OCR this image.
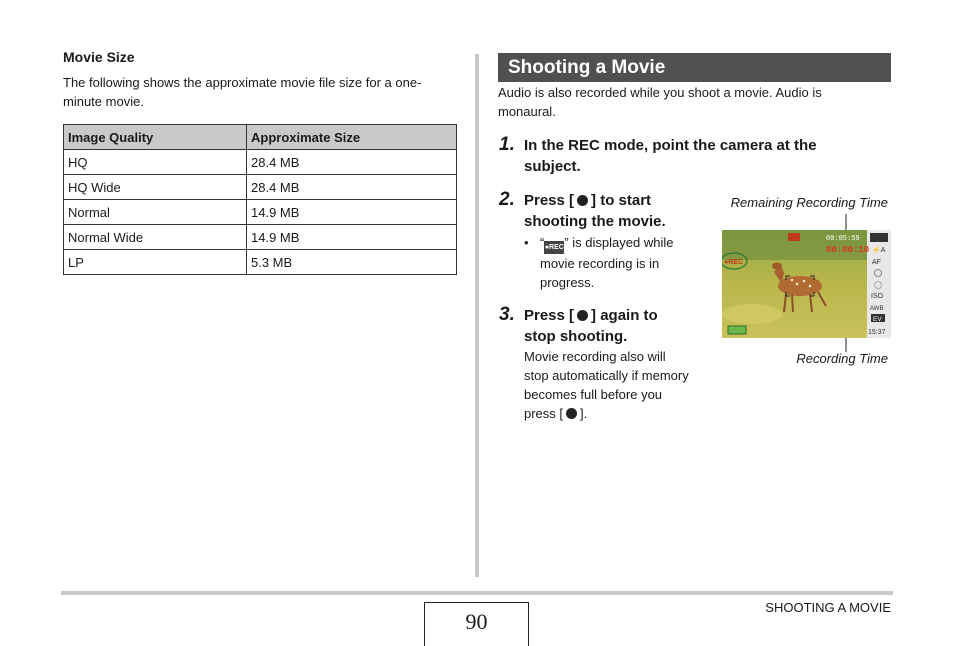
Movie Size
The following shows the approximate movie file size for a one-
minute movie.
Image Quality	Approximate Size
HQ	28.4 MB
HQ Wide	28.4 MB
Normal	14.9 MB
Normal Wide	14.9 MB
LP	5.3 MB
Shooting a Movie
Audio is also recorded while you shoot a movie. Audio is
monaural.
1. In the REC mode, point the camera at the
subject.
2. Press [ ] to start
shooting the movie.
• “●REC” is displayed while
movie recording is in
progress.
3. Press [ ] again to
stop shooting.
Movie recording also will
stop automatically if memory
becomes full before you
press [ ].
Remaining Recording Time
Recording Time
⚡A
AF
ISO
AWB
EV
15:37
00:05:59
00:00:10
●REC
90
SHOOTING A MOVIE
